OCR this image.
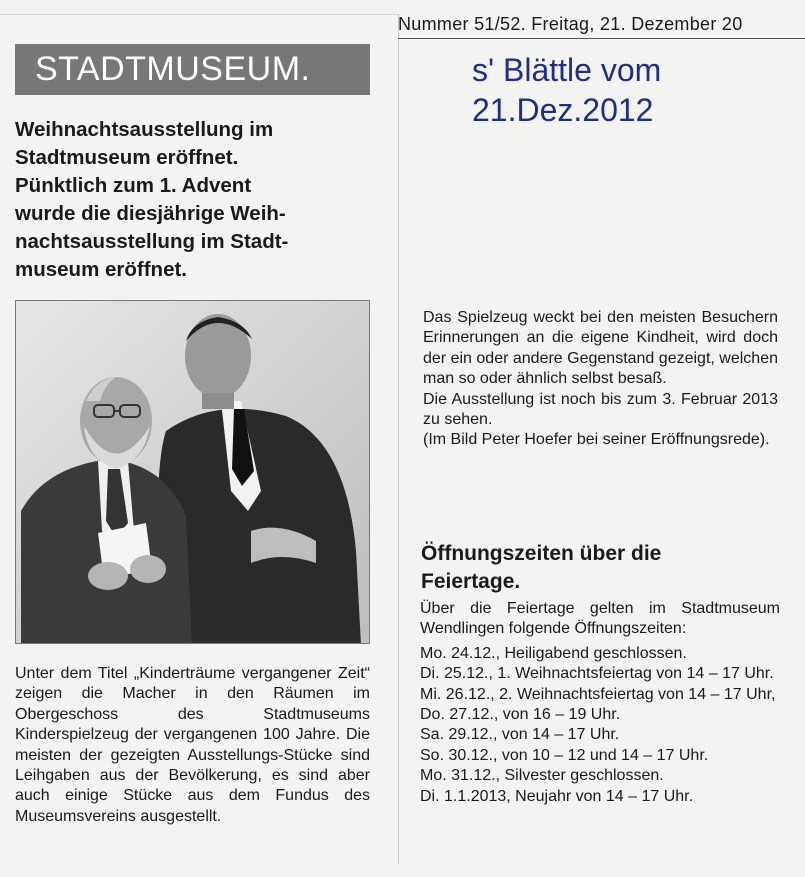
Nummer 51/52. Freitag, 21. Dezember 20
STADTMUSEUM.	s' Blättle vom
21.Dez.2012
Weihnachtsausstellung im
Stadtmuseum eröffnet.
Pünktlich zum 1. Advent
wurde die diesjährige Weih-
nachtsausstellung im Stadt-
museum eröffnet.

Unter dem Titel „Kinderträume vergangener Zeit“ zeigen die Macher in den Räumen im Obergeschoss des Stadtmuseums Kinderspielzeug der vergangenen 100 Jahre. Die meisten der gezeigten Ausstellungs-Stücke sind Leihgaben aus der Bevölkerung, es sind aber auch einige Stücke aus dem Fundus des Museumsvereins ausgestellt.

Das Spielzeug weckt bei den meisten Besuchern Erinnerungen an die eigene Kindheit, wird doch der ein oder andere Gegenstand gezeigt, welchen man so oder ähnlich selbst besaß.

Die Ausstellung ist noch bis zum 3. Februar 2013 zu sehen.

(Im Bild Peter Hoefer bei seiner Eröffnungsrede).

Öffnungszeiten über die
Feiertage.

Über die Feiertage gelten im Stadtmuseum Wendlingen folgende Öffnungszeiten:

Mo. 24.12., Heiligabend geschlossen.

Di. 25.12., 1. Weihnachtsfeiertag von 14 – 17 Uhr.

Mi. 26.12., 2. Weihnachtsfeiertag von 14 – 17 Uhr,

Do. 27.12., von 16 – 19 Uhr.

Sa. 29.12., von 14 – 17 Uhr.

So. 30.12., von 10 – 12 und 14 – 17 Uhr.

Mo. 31.12., Silvester geschlossen.

Di. 1.1.2013, Neujahr von 14 – 17 Uhr.
